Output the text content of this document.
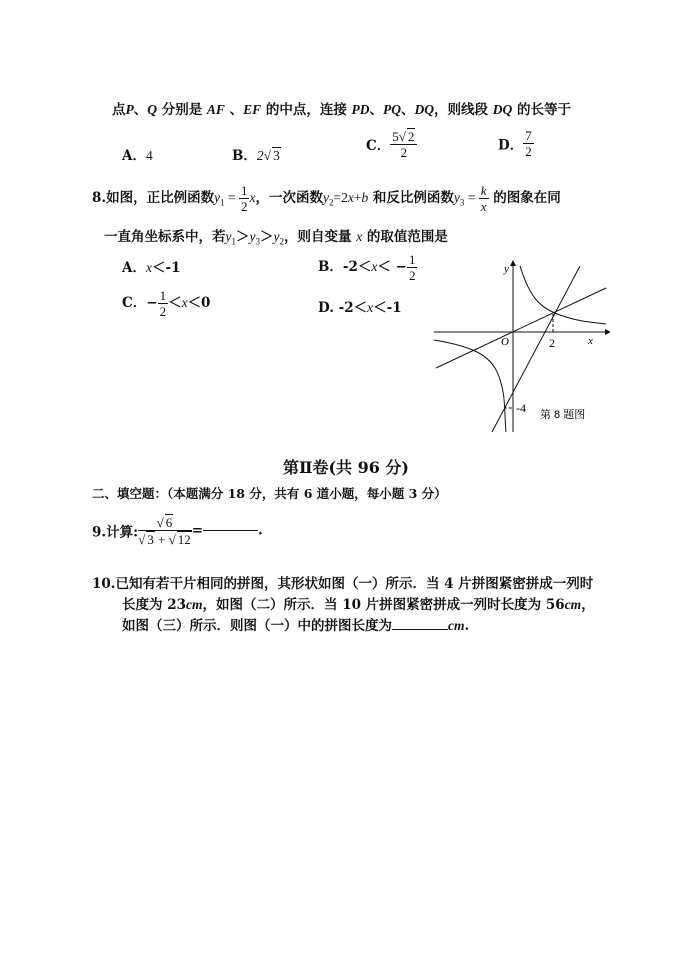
点P、Q 分别是 AF 、EF 的中点，连接 PD、PQ、DQ，则线段 DQ 的长等于
A．4	B．2√ 3
C． $\frac{5√ 2}{2}$	D． $\frac{7}{2}$
8.如图，正比例函数$y_1 = \frac{1}{2}$ x，一次函数$y_2=2x+b$ 和反比例函数$y_3 = \frac{k}{x}$ 的图象在同
一直角坐标系中，若$y_1>y_3>y_2$，则自变量 x 的取值范围是
A．x＜-1	B．$-2<x< - \frac{1}{2}$
C．− $\frac{1}{2} <x<0$	D. -2＜x＜-1
y
x
O	2
-4 第 8 题图
第Ⅱ卷(共 96 分)
二、填空题：（本题满分 18 分，共有 6 道小题，每小题 3 分）
9.计算: $\frac{√ 6}{√ 3 + √ 12}$ =	.
10.已知有若干片相同的拼图，其形状如图（一）所示．当 4 片拼图紧密拼成一列时
长度为 23cm，如图（二）所示．当 10 片拼图紧密拼成一列时长度为 56cm，
如图（三）所示．则图（一）中的拼图长度为	cm.
